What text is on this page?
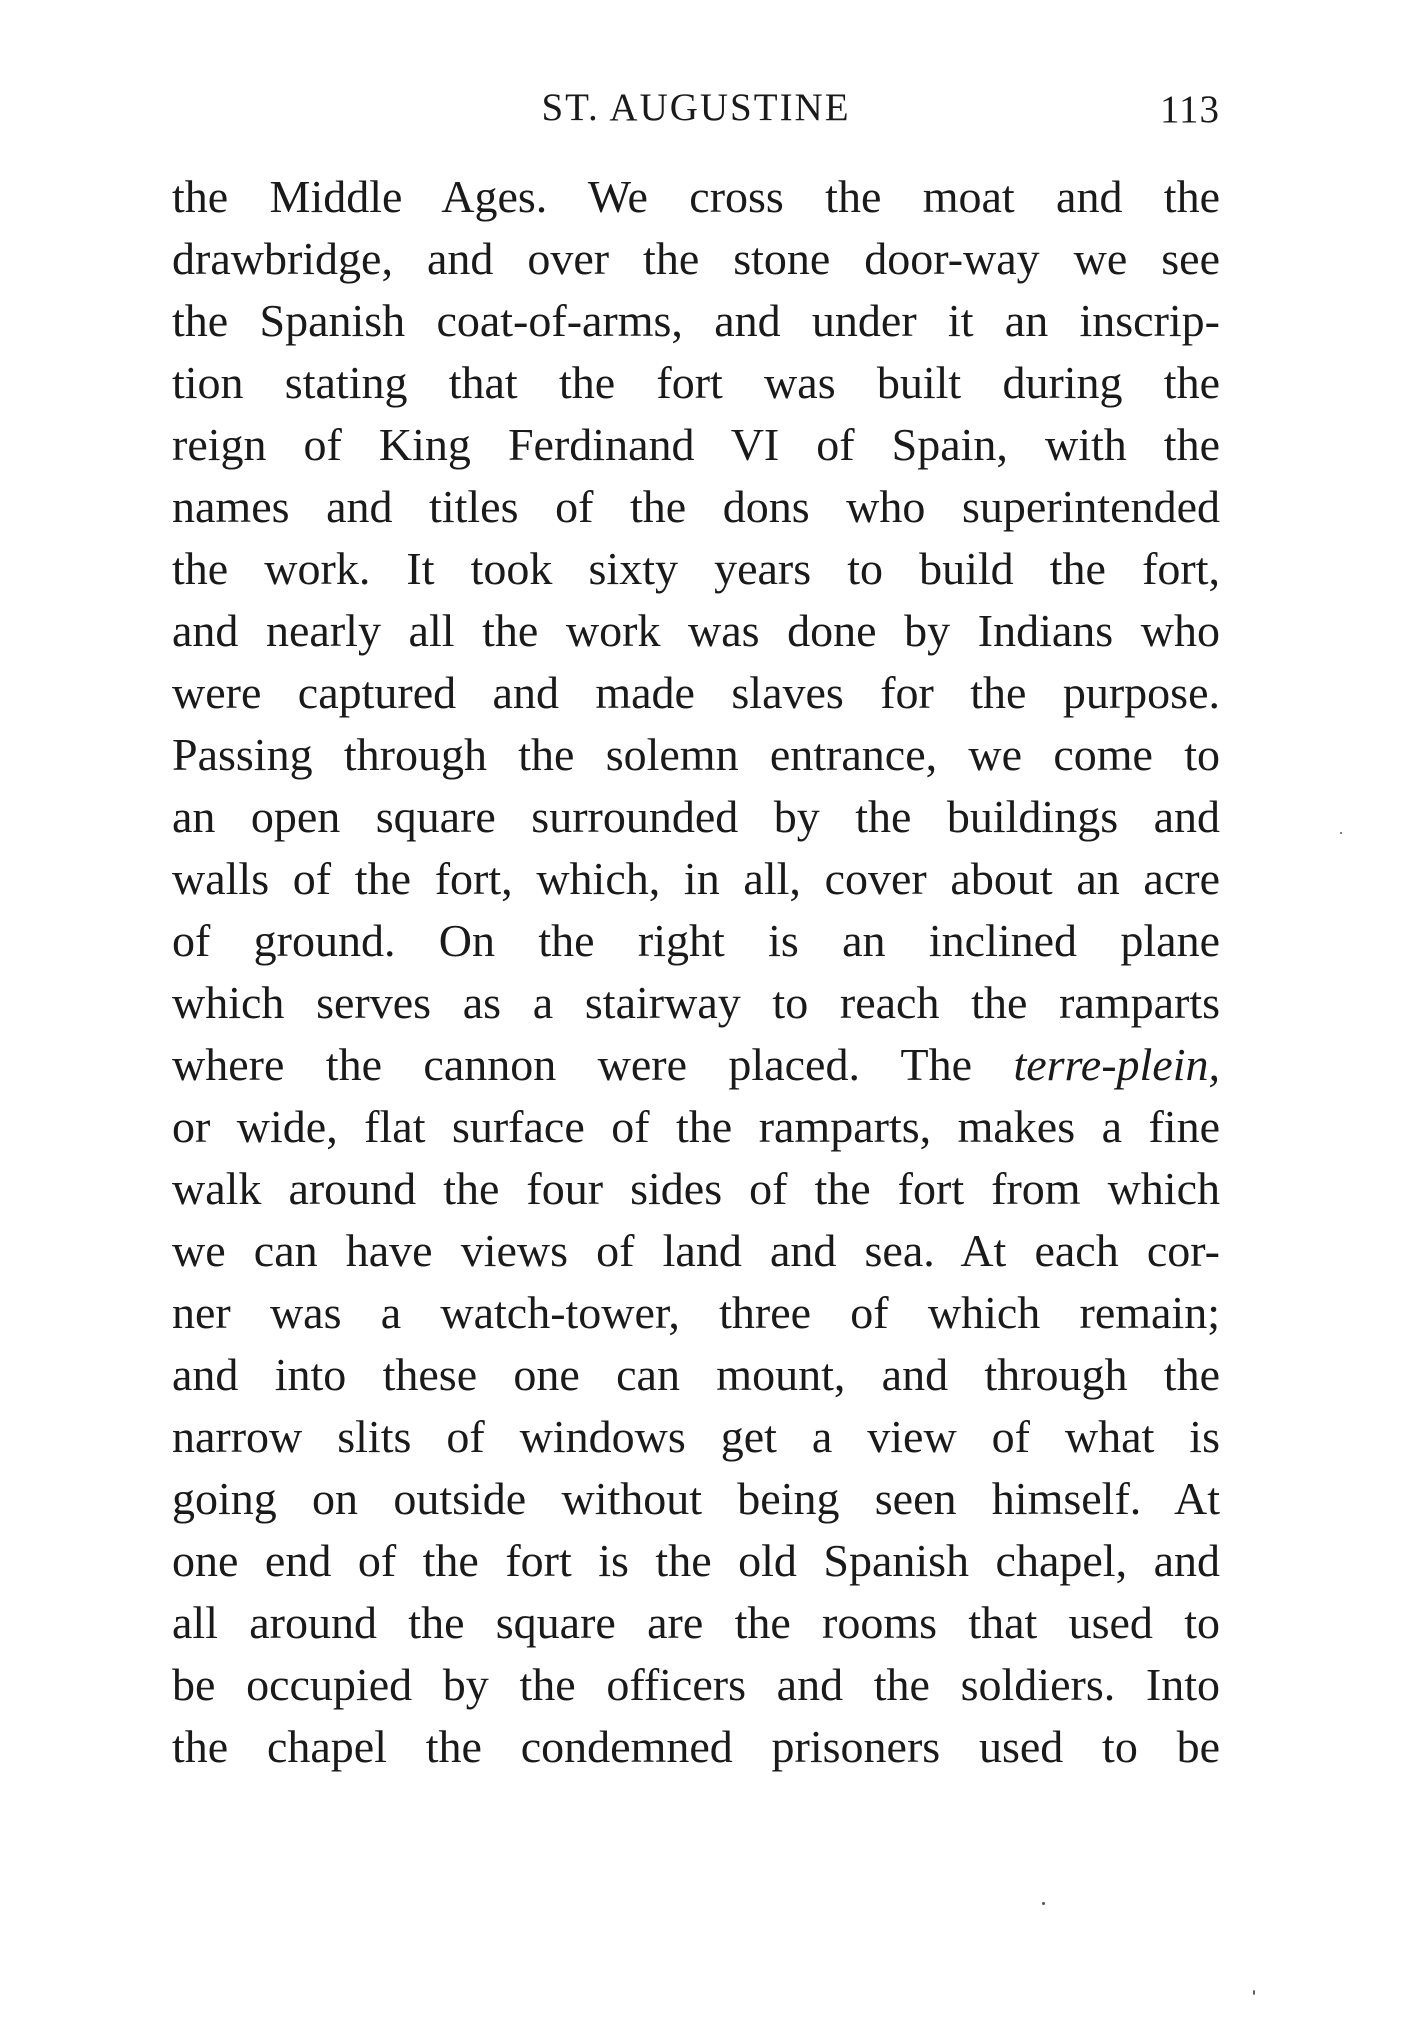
ST. AUGUSTINE	113
the Middle Ages. We cross the moat and the
drawbridge, and over the stone door-way we see
the Spanish coat-of-arms, and under it an inscrip-
tion stating that the fort was built during the
reign of King Ferdinand VI of Spain, with the
names and titles of the dons who superintended
the work. It took sixty years to build the fort,
and nearly all the work was done by Indians who
were captured and made slaves for the purpose.
Passing through the solemn entrance, we come to
an open square surrounded by the buildings and
walls of the fort, which, in all, cover about an acre
of ground. On the right is an inclined plane
which serves as a stairway to reach the ramparts
where the cannon were placed. The terre-plein,
or wide, flat surface of the ramparts, makes a fine
walk around the four sides of the fort from which
we can have views of land and sea. At each cor-
ner was a watch-tower, three of which remain;
and into these one can mount, and through the
narrow slits of windows get a view of what is
going on outside without being seen himself. At
one end of the fort is the old Spanish chapel, and
all around the square are the rooms that used to
be occupied by the officers and the soldiers. Into
the chapel the condemned prisoners used to be
